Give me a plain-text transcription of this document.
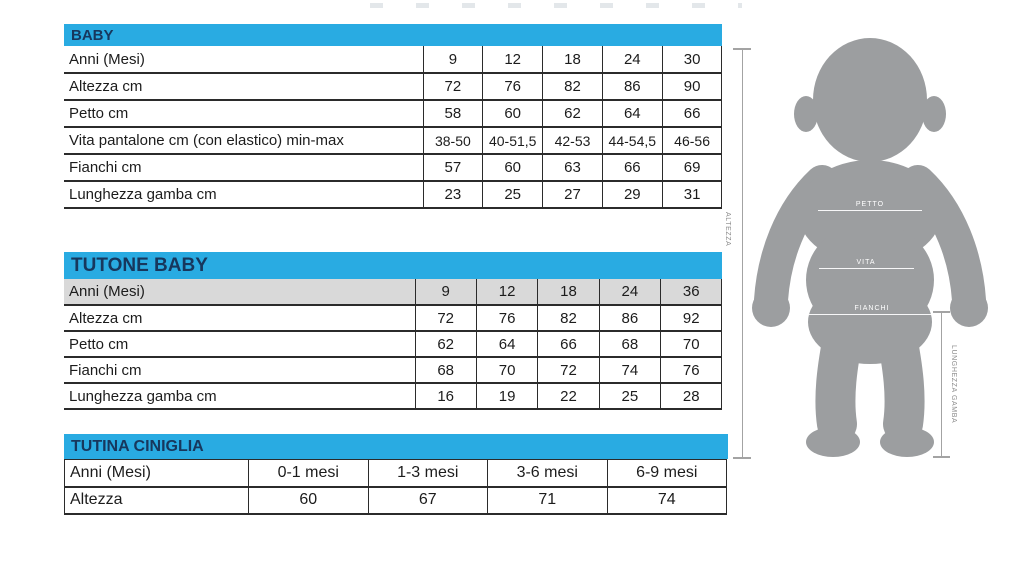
BABY
Anni (Mesi)	9	12	18	24	30
Altezza cm	72	76	82	86	90
Petto cm	58	60	62	64	66
Vita pantalone cm (con elastico) min-max	38-50	40-51,5	42-53	44-54,5	46-56
Fianchi cm	57	60	63	66	69
Lunghezza gamba cm	23	25	27	29	31
TUTONE BABY
Anni (Mesi)	9	12	18	24	36
Altezza cm	72	76	82	86	92
Petto cm	62	64	66	68	70
Fianchi cm	68	70	72	74	76
Lunghezza gamba cm	16	19	22	25	28
TUTINA CINIGLIA
Anni (Mesi)	0-1 mesi	1-3 mesi	3-6 mesi	6-9 mesi
Altezza	60	67	71	74
PETTO
VITA
FIANCHI
ALTEZZA
LUNGHEZZA GAMBA
